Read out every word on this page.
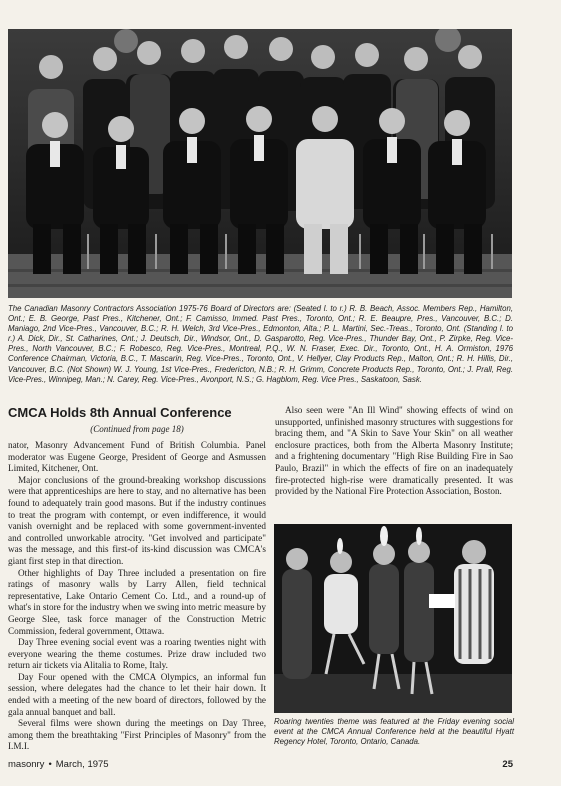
The Canadian Masonry Contractors Association 1975-76 Board of Directors are: (Seated l. to r.) R. B. Beach, Assoc. Members Rep., Hamilton, Ont.; E. B. George, Past Pres., Kitchener, Ont.; F. Camisso, Immed. Past Pres., Toronto, Ont.; R. E. Beaupre, Pres., Vancouver, B.C.; D. Maniago, 2nd Vice-Pres., Vancouver, B.C.; R. H. Welch, 3rd Vice-Pres., Edmonton, Alta.; P. L. Martini, Sec.-Treas., Toronto, Ont. (Standing l. to r.) A. Dick, Dir., St. Catharines, Ont.; J. Deutsch, Dir., Windsor, Ont., D. Gasparotto, Reg. Vice-Pres., Thunder Bay, Ont., P. Zirpke, Reg. Vice-Pres., North Vancouver, B.C.; F. Robesco, Reg. Vice-Pres., Montreal, P.Q., W. N. Fraser, Exec. Dir., Toronto, Ont., H. A. Ormiston, 1976 Conference Chairman, Victoria, B.C., T. Mascarin, Reg. Vice-Pres., Toronto, Ont., V. Hellyer, Clay Products Rep., Malton, Ont.; R. H. Hillis, Dir., Vancouver, B.C. (Not Shown) W. J. Young, 1st Vice-Pres., Fredericton, N.B.; R. H. Grimm, Concrete Products Rep., Toronto, Ont.; J. Prall, Reg. Vice-Pres., Winnipeg, Man.; N. Carey, Reg. Vice-Pres., Avonport, N.S.; G. Hagblom, Reg. Vice Pres., Saskatoon, Sask.

CMCA Holds 8th Annual Conference
(Continued from page 18)

nator, Masonry Advancement Fund of British Columbia. Panel moderator was Eugene George, President of George and Asmussen Limited, Kitchener, Ont.

Major conclusions of the ground-breaking workshop discussions were that apprenticeships are here to stay, and no alternative has been found to adequately train good masons. But if the industry continues to treat the program with contempt, or even indifference, it would vanish overnight and be replaced with some government-invented and controlled unworkable atrocity. "Get involved and participate" was the message, and this first-of its-kind discussion was CMCA's giant first step in that direction.

Other highlights of Day Three included a presentation on fire ratings of masonry walls by Larry Allen, field technical representative, Lake Ontario Cement Co. Ltd., and a round-up of what's in store for the industry when we swing into metric measure by George Slee, task force manager of the Construction Metric Commission, federal government, Ottawa.

Day Three evening social event was a roaring twenties night with everyone wearing the theme costumes. Prize draw included two return air tickets via Alitalia to Rome, Italy.

Day Four opened with the CMCA Olympics, an informal fun session, where delegates had the chance to let their hair down. It ended with a meeting of the new board of directors, followed by the gala annual banquet and ball.

Several films were shown during the meetings on Day Three, among them the breathtaking "First Principles of Masonry" from the I.M.I.

Also seen were "An Ill Wind" showing effects of wind on unsupported, unfinished masonry structures with suggestions for bracing them, and "A Skin to Save Your Skin" on all weather enclosure practices, both from the Alberta Masonry Institute; and a frightening documentary "High Rise Building Fire in Sao Paulo, Brazil" in which the effects of fire on an inadequately fire-protected high-rise were dramatically presented. It was provided by the National Fire Protection Association, Boston.

Roaring twenties theme was featured at the Friday evening social event at the CMCA Annual Conference held at the beautiful Hyatt Regency Hotel, Toronto, Ontario, Canada.

masonry • March, 1975	25
